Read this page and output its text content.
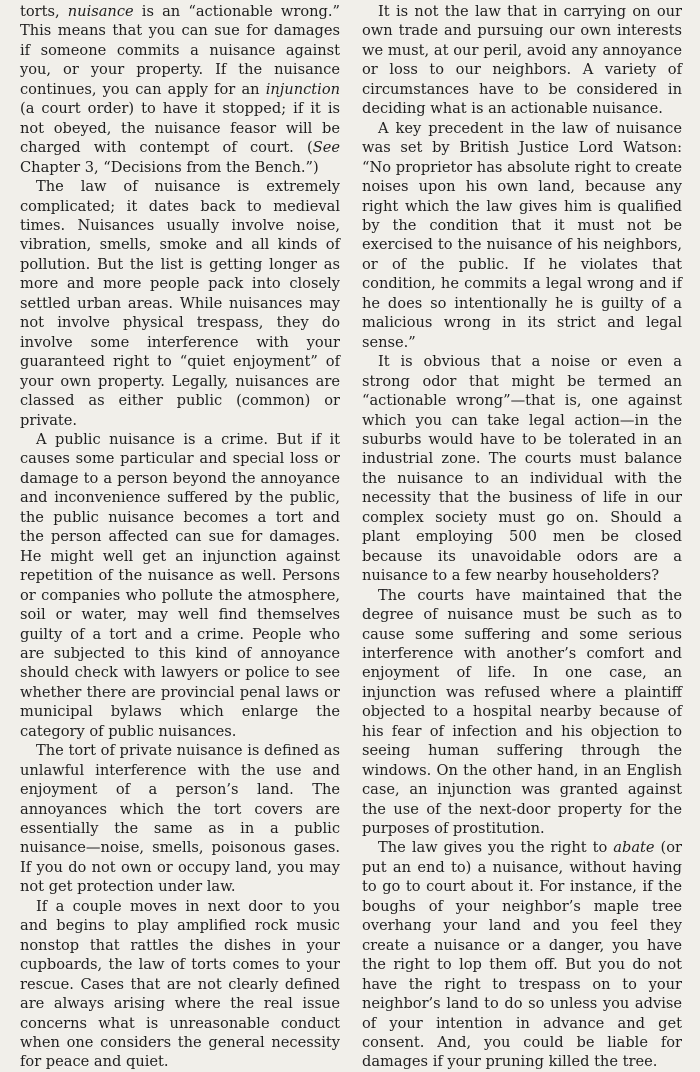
torts, nuisance is an “actionable wrong.” This means that you can sue for damages if someone commits a nuisance against you, or your property. If the nuisance continues, you can apply for an injunction (a court order) to have it stopped; if it is not obeyed, the nuisance feasor will be charged with contempt of court. (See Chapter 3, “Decisions from the Bench.”)

The law of nuisance is extremely complicated; it dates back to medieval times. Nuisances usually involve noise, vibration, smells, smoke and all kinds of pollution. But the list is getting longer as more and more people pack into closely settled urban areas. While nuisances may not involve physical trespass, they do involve some interference with your guaranteed right to “quiet enjoyment” of your own property. Legally, nuisances are classed as either public (common) or private.

A public nuisance is a crime. But if it causes some particular and special loss or damage to a person beyond the annoyance and inconvenience suffered by the public, the public nuisance becomes a tort and the person affected can sue for damages. He might well get an injunction against repetition of the nuisance as well. Persons or companies who pollute the atmosphere, soil or water, may well find themselves guilty of a tort and a crime. People who are subjected to this kind of annoyance should check with lawyers or police to see whether there are provincial penal laws or municipal bylaws which enlarge the category of public nuisances.

The tort of private nuisance is defined as unlawful interference with the use and enjoyment of a person’s land. The annoyances which the tort covers are essentially the same as in a public nuisance—noise, smells, poisonous gases. If you do not own or occupy land, you may not get protection under law.

If a couple moves in next door to you and begins to play amplified rock music nonstop that rattles the dishes in your cupboards, the law of torts comes to your rescue. Cases that are not clearly defined are always arising where the real issue concerns what is unreasonable conduct when one considers the general necessity for peace and quiet.

It is not the law that in carrying on our own trade and pursuing our own interests we must, at our peril, avoid any annoyance or loss to our neighbors. A variety of circumstances have to be considered in deciding what is an actionable nuisance.

A key precedent in the law of nuisance was set by British Justice Lord Watson: “No proprietor has absolute right to create noises upon his own land, because any right which the law gives him is qualified by the condition that it must not be exercised to the nuisance of his neighbors, or of the public. If he violates that condition, he commits a legal wrong and if he does so intentionally he is guilty of a malicious wrong in its strict and legal sense.”

It is obvious that a noise or even a strong odor that might be termed an “actionable wrong”—that is, one against which you can take legal action—in the suburbs would have to be tolerated in an industrial zone. The courts must balance the nuisance to an individual with the necessity that the business of life in our complex society must go on. Should a plant employing 500 men be closed because its unavoidable odors are a nuisance to a few nearby householders?

The courts have maintained that the degree of nuisance must be such as to cause some suffering and some serious interference with another’s comfort and enjoyment of life. In one case, an injunction was refused where a plaintiff objected to a hospital nearby because of his fear of infection and his objection to seeing human suffering through the windows. On the other hand, in an English case, an injunction was granted against the use of the next-door property for the purposes of prostitution.

The law gives you the right to abate (or put an end to) a nuisance, without having to go to court about it. For instance, if the boughs of your neighbor’s maple tree overhang your land and you feel they create a nuisance or a danger, you have the right to lop them off. But you do not have the right to trespass on to your neighbor’s land to do so unless you advise of your intention in advance and get consent. And, you could be liable for damages if your pruning killed the tree.
